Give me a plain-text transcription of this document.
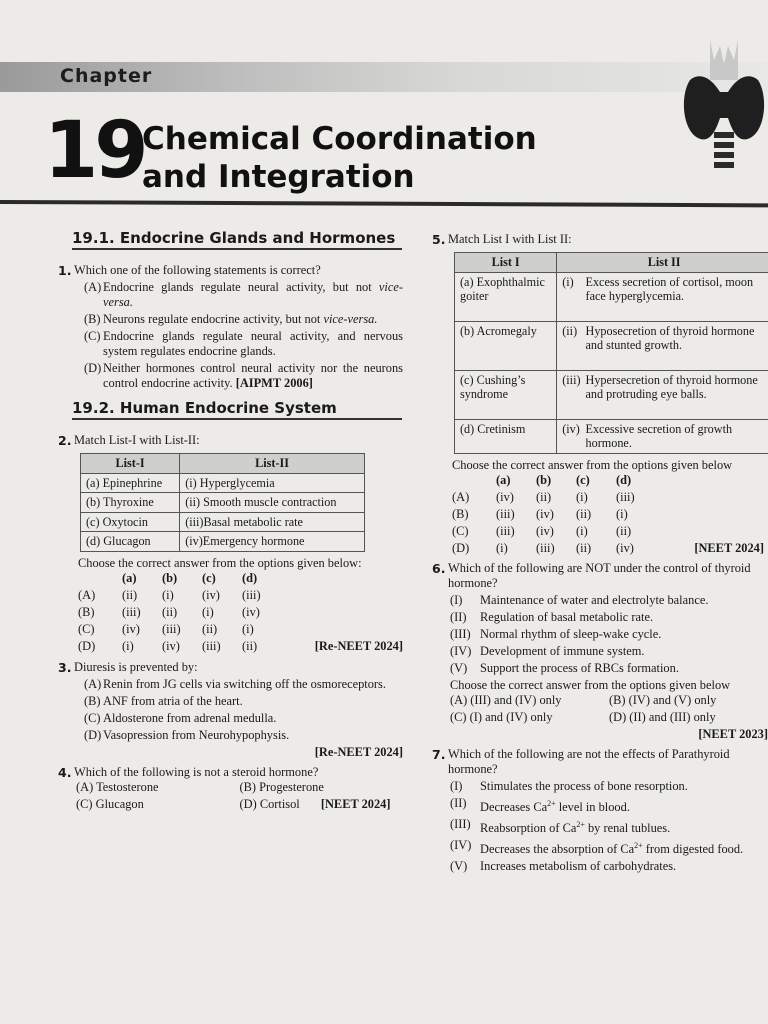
Chapter
19
Chemical Coordination
and Integration
19.1. Endocrine Glands and Hormones
1. Which one of the following statements is correct?
(A) Endocrine glands regulate neural activity, but not vice-versa.
(B) Neurons regulate endocrine activity, but not vice-versa.
(C) Endocrine glands regulate neural activity, and nervous system regulates endocrine glands.
(D) Neither hormones control neural activity nor the neurons control endocrine activity. [AIPMT 2006]
19.2. Human Endocrine System
2. Match List-I with List-II:
List-I	List-II
(a) Epinephrine	(i) Hyperglycemia
(b) Thyroxine	(ii) Smooth muscle contraction
(c) Oxytocin	(iii)Basal metabolic rate
(d) Glucagon	(iv)Emergency hormone
Choose the correct answer from the options given below:
(a)	(b)	(c)	(d)
(A)	(ii)	(i)	(iv)	(iii)
(B)	(iii)	(ii)	(i)	(iv)
(C)	(iv)	(iii)	(ii)	(i)
(D)	(i)	(iv)	(iii)	(ii)	[Re-NEET 2024]
3. Diuresis is prevented by:
(A) Renin from JG cells via switching off the osmoreceptors.
(B) ANF from atria of the heart.
(C) Aldosterone from adrenal medulla.
(D) Vasopression from Neurohypophysis.
[Re-NEET 2024]
4. Which of the following is not a steroid hormone?
(A) Testosterone	(B) Progesterone
(C) Glucagon	(D) Cortisol [NEET 2024]
5. Match List I with List II:
List I	List II	
(a) Exophthalmic goiter	(i)	Excess secretion of cortisol, moon face hyperglycemia.
(b) Acromegaly	(ii)	Hyposecretion of thyroid hormone and stunted growth.
(c) Cushing’s syndrome	(iii)	Hypersecretion of thyroid hormone and protruding eye balls.
(d) Cretinism	(iv)	Excessive secretion of growth hormone.
Choose the correct answer from the options given below
(a)	(b)	(c)	(d)
(A)	(iv)	(ii)	(i)	(iii)
(B)	(iii)	(iv)	(ii)	(i)
(C)	(iii)	(iv)	(i)	(ii)
(D)	(i)	(iii)	(ii)	(iv)	[NEET 2024]
6. Which of the following are NOT under the control of thyroid hormone?
(I)	Maintenance of water and electrolyte balance.
(II)	Regulation of basal metabolic rate.
(III) Normal rhythm of sleep-wake cycle.
(IV) Development of immune system.
(V)	Support the process of RBCs formation.
Choose the correct answer from the options given below
(A) (III) and (IV) only	(B) (IV) and (V) only
(C) (I) and (IV) only	(D) (II) and (III) only
[NEET 2023]
7. Which of the following are not the effects of Parathyroid hormone?
(I)	Stimulates the process of bone resorption.
(II)	Decreases $Ca^{2+}$ level in blood.
(III) Reabsorption of $Ca^{2+}$ by renal tublues.
(IV) Decreases the absorption of $Ca^{2+}$ from digested food.
(V)	Increases metabolism of carbohydrates.
